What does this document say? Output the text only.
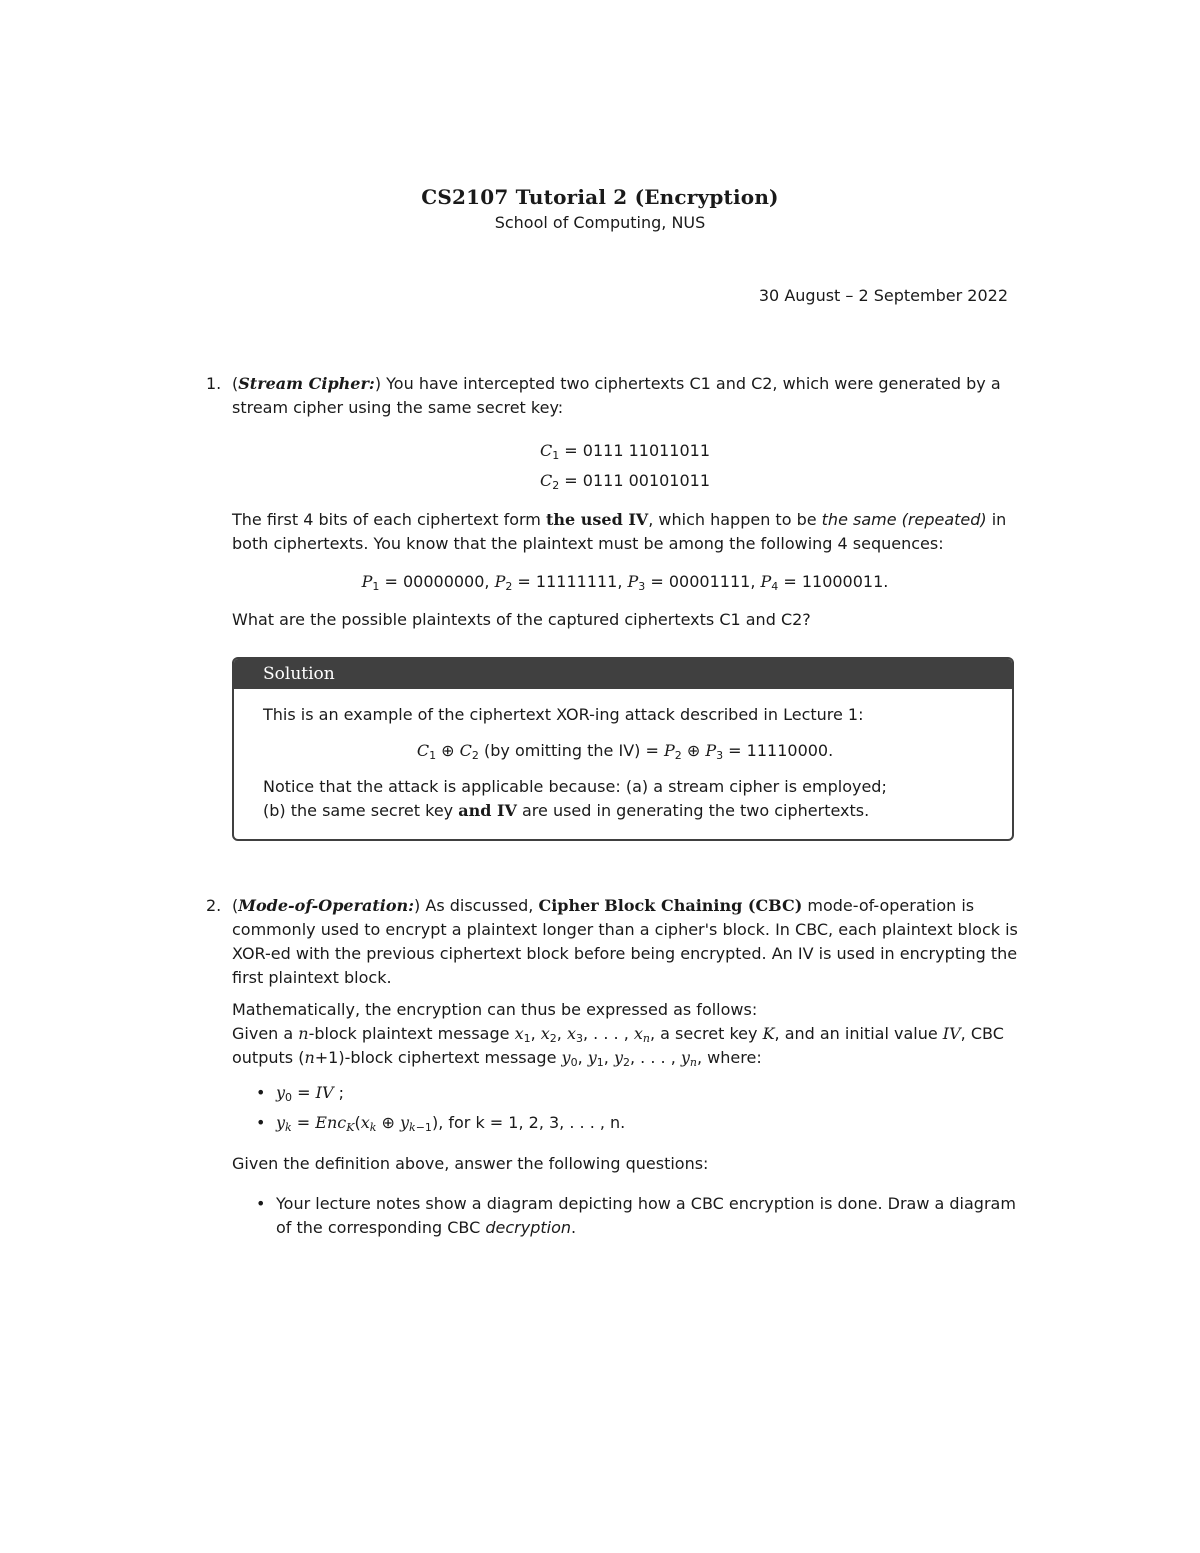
CS2107 Tutorial 2 (Encryption)
School of Computing, NUS
30 August – 2 September 2022
1. (Stream Cipher:) You have intercepted two ciphertexts C1 and C2, which were generated by a stream cipher using the same secret key:

$C_1 = 0111$ 11011011
$C_2 = 0111$ 00101011

The first 4 bits of each ciphertext form the used IV, which happen to be the same (repeated) in both ciphertexts. You know that the plaintext must be among the following 4 sequences:

$P_1 = 00000000$, $P_2 = 11111111$, $P_3 = 00001111$, $P_4 = 11000011$.

What are the possible plaintexts of the captured ciphertexts C1 and C2?

Solution

This is an example of the ciphertext XOR-ing attack described in Lecture 1:

$C_1$ ⊕ $C_2$ (by omitting the $IV) = P_2$ ⊕ $P_3 = 11110000$.

Notice that the attack is applicable because: (a) a stream cipher is employed;

(b) the same secret key and IV are used in generating the two ciphertexts.

2. (Mode-of-Operation:) As discussed, Cipher Block Chaining (CBC) mode-of-operation is commonly used to encrypt a plaintext longer than a cipher's block. In CBC, each plaintext block is XOR-ed with the previous ciphertext block before being encrypted. An IV is used in encrypting the first plaintext block.

Mathematically, the encryption can thus be expressed as follows:

Given a n-block plaintext message $x_1$, $x_2$, $x_3$, . . . , $x_n$, a secret key K, and an initial value IV, CBC outputs (n+1)-block ciphertext message $y_0$, $y_1$, $y_2$, . . . , $y_n$, where:

• $y_0$ = IV ;
• $y_k = Enc_K(x_k$ ⊕ $y_{k-1}$), for k = 1, 2, 3, . . . , n.

Given the definition above, answer the following questions:

• Your lecture notes show a diagram depicting how a CBC encryption is done. Draw a diagram of the corresponding CBC decryption.
